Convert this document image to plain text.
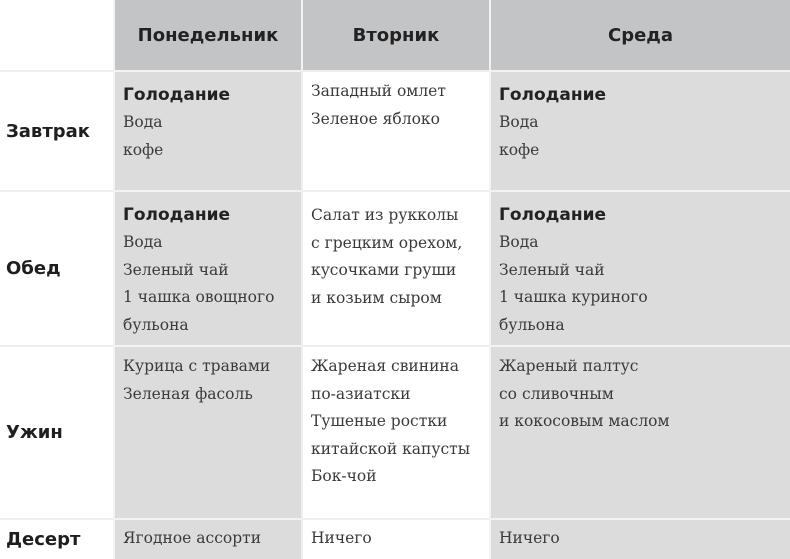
	Понедельник	Вторник	Среда
Завтрак	Голодание
Вода
кофе	Западный омлет
Зеленое яблоко	Голодание
Вода
кофе

Обед	Голодание
Вода
Зеленый чай
1 чашка овощного
бульона	Салат из рукколы
с грецким орехом,
кусочками груши
и козьим сыром	Голодание
Вода
Зеленый чай
1 чашка куриного
бульона

Ужин	Курица с травами
Зеленая фасоль	Жареная свинина
по-азиатски
Тушеные ростки
китайской капусты
Бок-чой	Жареный палтус
со сливочным
и кокосовым маслом

Десерт	Ягодное ассорти	Ничего	Ничего
